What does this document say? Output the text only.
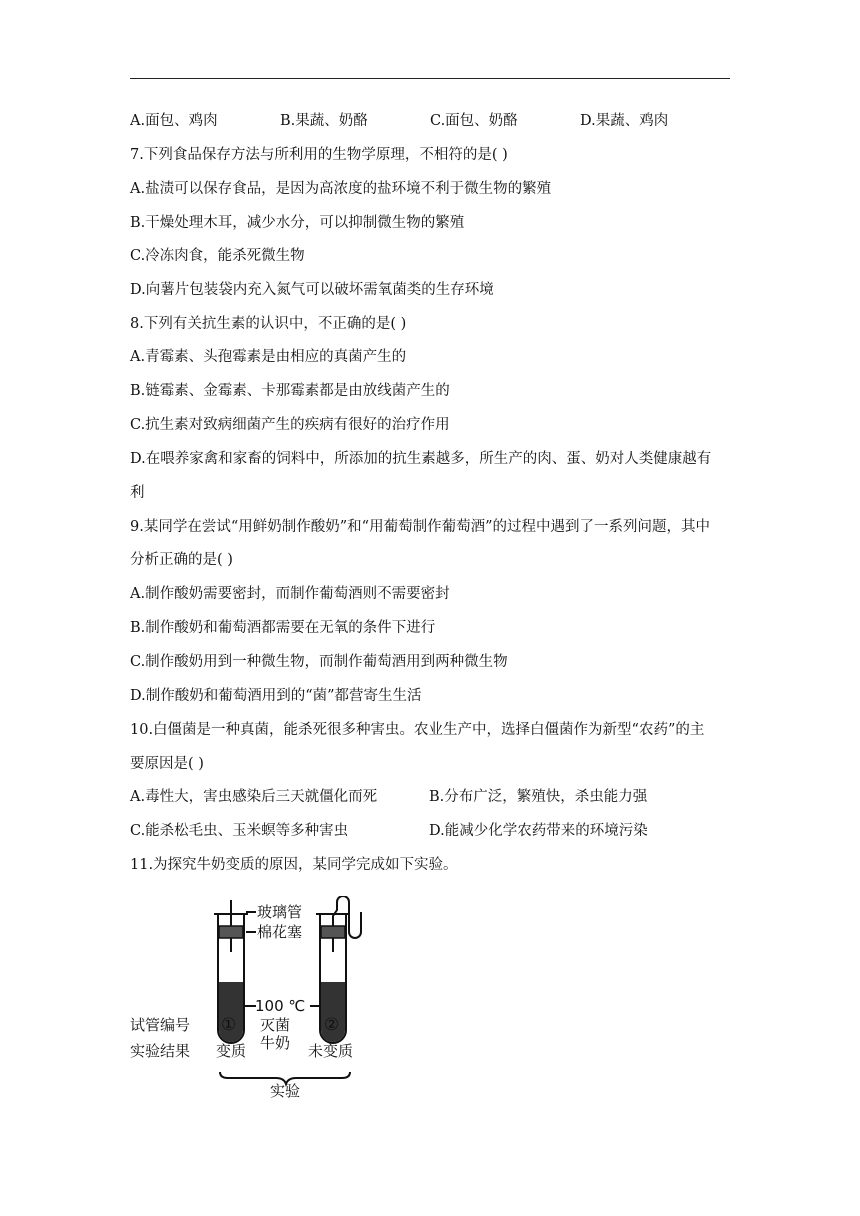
A.面包、鸡肉	B.果蔬、奶酪	C.面包、奶酪	D.果蔬、鸡肉
7.下列食品保存方法与所利用的生物学原理，不相符的是( )
A.盐渍可以保存食品，是因为高浓度的盐环境不利于微生物的繁殖
B.干燥处理木耳，减少水分，可以抑制微生物的繁殖
C.冷冻肉食，能杀死微生物
D.向薯片包装袋内充入氮气可以破坏需氧菌类的生存环境
8.下列有关抗生素的认识中，不正确的是( )
A.青霉素、头孢霉素是由相应的真菌产生的
B.链霉素、金霉素、卡那霉素都是由放线菌产生的
C.抗生素对致病细菌产生的疾病有很好的治疗作用
D.在喂养家禽和家畜的饲料中，所添加的抗生素越多，所生产的肉、蛋、奶对人类健康越有
利
9.某同学在尝试“用鲜奶制作酸奶”和“用葡萄制作葡萄酒”的过程中遇到了一系列问题，其中
分析正确的是( )
A.制作酸奶需要密封，而制作葡萄酒则不需要密封
B.制作酸奶和葡萄酒都需要在无氧的条件下进行
C.制作酸奶用到一种微生物，而制作葡萄酒用到两种微生物
D.制作酸奶和葡萄酒用到的“菌”都营寄生生活
10.白僵菌是一种真菌，能杀死很多种害虫。农业生产中，选择白僵菌作为新型“农药”的主
要原因是( )
A.毒性大，害虫感染后三天就僵化而死	B.分布广泛，繁殖快，杀虫能力强
C.能杀松毛虫、玉米螟等多种害虫	D.能减少化学农药带来的环境污染
11.为探究牛奶变质的原因，某同学完成如下实验。
玻璃管
棉花塞
100 ℃
灭菌
牛奶
试管编号
实验结果
①	②
变质	未变质
实验
